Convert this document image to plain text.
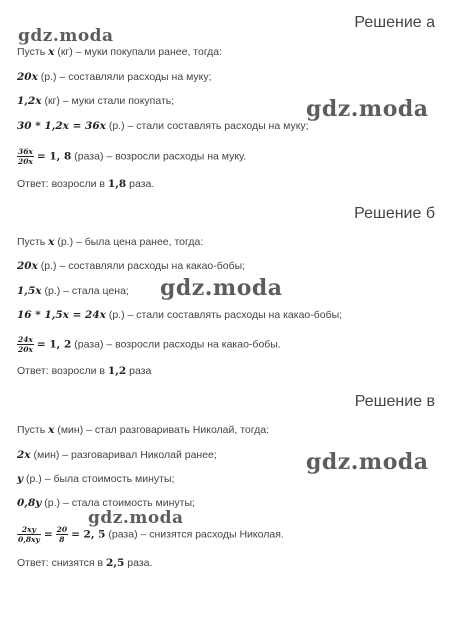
Решение а
Пусть x (кг) – муки покупали ранее, тогда:
20x (р.) – составляли расходы на муку;
1,2x (кг) – муки стали покупать;
30 * 1,2x = 36x (р.) – стали составлять расходы на муку;
$\frac{36x}{20x} = 1$, 8 (раза) – возросли расходы на муку.
Ответ: возросли в 1,8 раза.
Решение б
Пусть x (р.) – была цена ранее, тогда:
20x (р.) – составляли расходы на какао-бобы;
1,5x (р.) – стала цена;
16 * 1,5x = 24x (р.) – стали составлять расходы на какао-бобы;
$\frac{24x}{20x} = 1$, 2 (раза) – возросли расходы на какао-бобы.
Ответ: возросли в 1,2 раза
Решение в
Пусть x (мин) – стал разговаривать Николай, тогда:
2x (мин) – разговаривал Николай ранее;
y (р.) – была стоимость минуты;
0,8y (р.) – стала стоимость минуты;
$\frac{2xy}{0,8xy} = \frac{20}{8} = 2$, 5 (раза) – снизятся расходы Николая.
Ответ: снизятся в 2,5 раза.
gdz.moda
gdz.moda
gdz.moda
gdz.moda
gdz.moda
